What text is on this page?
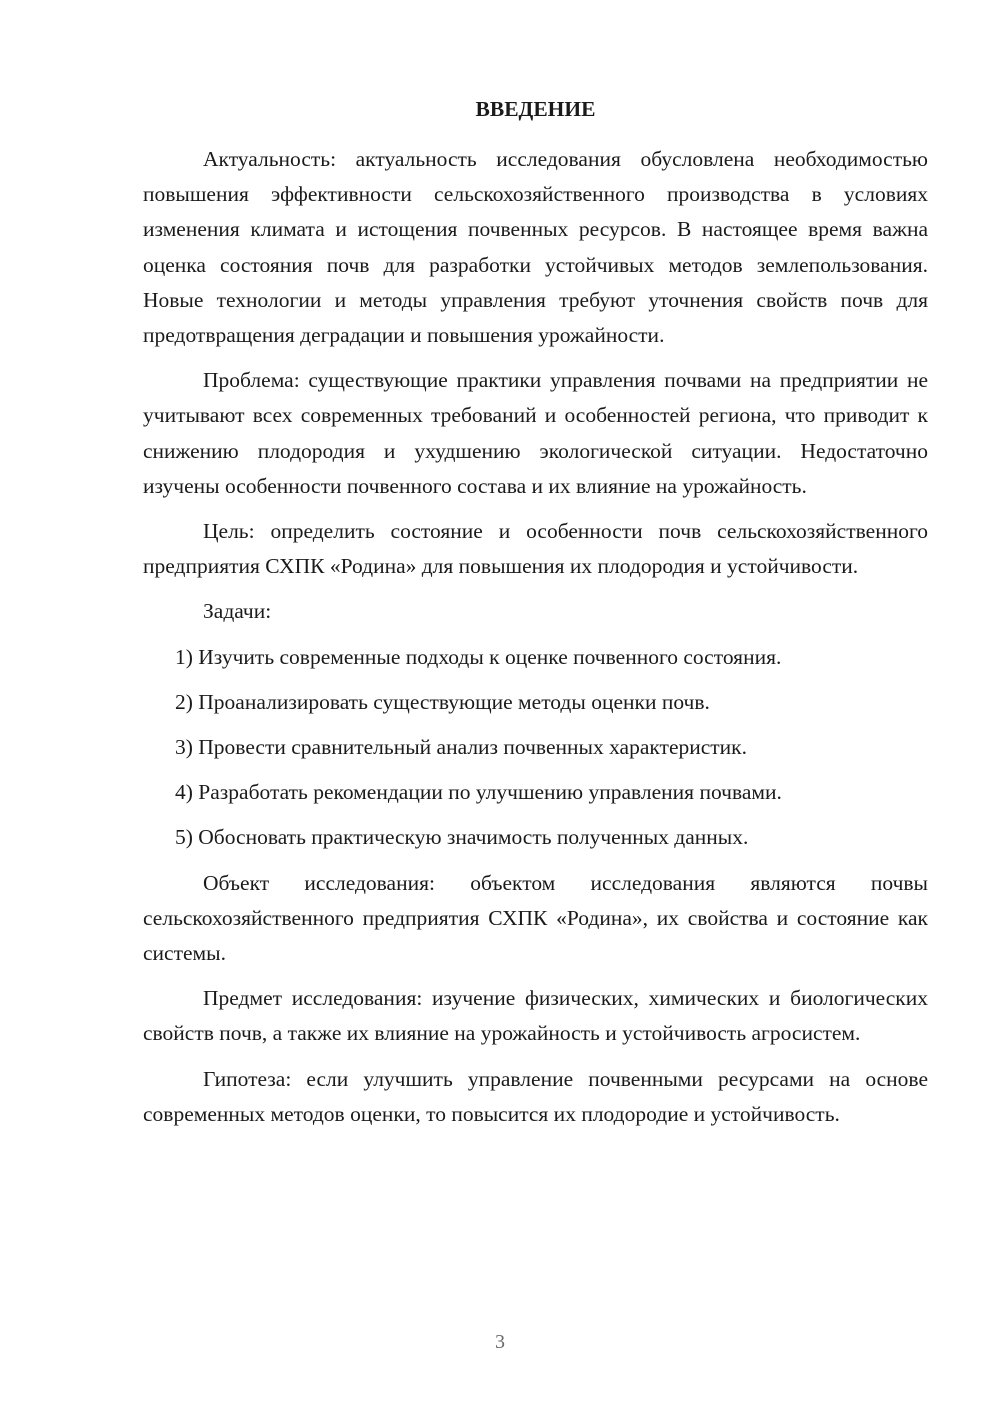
ВВЕДЕНИЕ

Актуальность: актуальность исследования обусловлена необходимостью повышения эффективности сельскохозяйственного производства в условиях изменения климата и истощения почвенных ресурсов. В настоящее время важна оценка состояния почв для разработки устойчивых методов землепользования. Новые технологии и методы управления требуют уточнения свойств почв для предотвращения деградации и повышения урожайности.

Проблема: существующие практики управления почвами на предприятии не учитывают всех современных требований и особенностей региона, что приводит к снижению плодородия и ухудшению экологической ситуации. Недостаточно изучены особенности почвенного состава и их влияние на урожайность.

Цель: определить состояние и особенности почв сельскохозяйственного предприятия СХПК «Родина» для повышения их плодородия и устойчивости.

Задачи:

1) Изучить современные подходы к оценке почвенного состояния.
2) Проанализировать существующие методы оценки почв.
3) Провести сравнительный анализ почвенных характеристик.
4) Разработать рекомендации по улучшению управления почвами.
5) Обосновать практическую значимость полученных данных.

Объект исследования: объектом исследования являются почвы сельскохозяйственного предприятия СХПК «Родина», их свойства и состояние как системы.

Предмет исследования: изучение физических, химических и биологических свойств почв, а также их влияние на урожайность и устойчивость агросистем.

Гипотеза: если улучшить управление почвенными ресурсами на основе современных методов оценки, то повысится их плодородие и устойчивость.

3
